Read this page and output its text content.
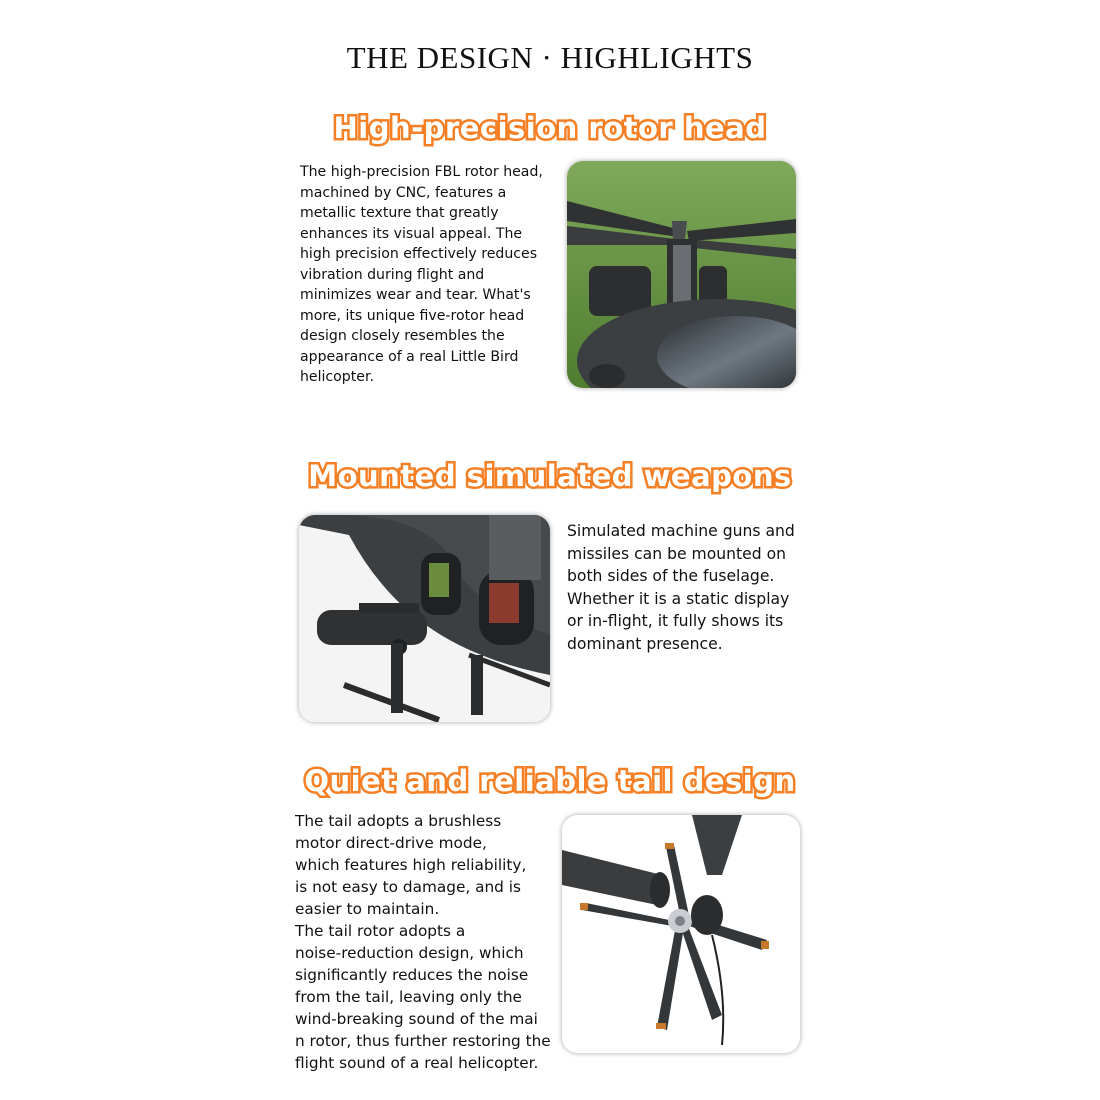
THE DESIGN · HIGHLIGHTS
High-precision rotor head
The high-precision FBL rotor head,
machined by CNC, features a
metallic texture that greatly
enhances its visual appeal. The
high precision effectively reduces
vibration during flight and
minimizes wear and tear. What's
more, its unique five-rotor head
design closely resembles the
appearance of a real Little Bird
helicopter.
Mounted simulated weapons
Simulated machine guns and
missiles can be mounted on
both sides of the fuselage.
Whether it is a static display
or in-flight, it fully shows its
dominant presence.
Quiet and reliable tail design
The tail adopts a brushless
motor direct-drive mode,
which features high reliability,
is not easy to damage, and is
easier to maintain.
The tail rotor adopts a
noise-reduction design, which
significantly reduces the noise
from the tail, leaving only the
wind-breaking sound of the mai
n rotor, thus further restoring the
flight sound of a real helicopter.
